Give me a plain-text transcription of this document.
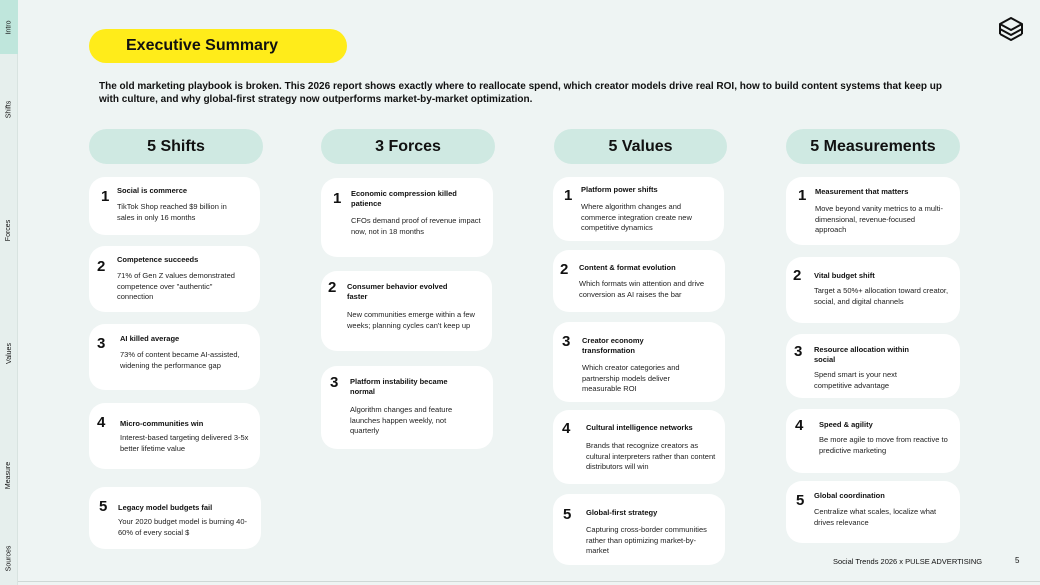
Intro
Shifts
Forces
Values
Measure
Sources
Executive Summary

The old marketing playbook is broken. This 2026 report shows exactly where to reallocate spend, which creator models drive real ROI, how to build content systems that keep up with culture, and why global-first strategy now outperforms market-by-market optimization.

5 Shifts	3 Forces	5 Values	5 Measurements
1 Social is commerce
TikTok Shop reached $9 billion in sales in only 16 months
2 Competence succeeds
71% of Gen Z values demonstrated competence over "authentic" connection
3 AI killed average
73% of content became AI-assisted, widening the performance gap
4 Micro-communities win
Interest-based targeting delivered 3-5x better lifetime value
5 Legacy model budgets fail
Your 2020 budget model is burning 40-60% of every social $
1 Economic compression killed patience
CFOs demand proof of revenue impact now, not in 18 months
2 Consumer behavior evolved faster
New communities emerge within a few weeks; planning cycles can't keep up
3 Platform instability became normal
Algorithm changes and feature launches happen weekly, not quarterly
1 Platform power shifts
Where algorithm changes and commerce integration create new competitive dynamics
2 Content & format evolution
Which formats win attention and drive conversion as AI raises the bar
3 Creator economy transformation
Which creator categories and partnership models deliver measurable ROI
4 Cultural intelligence networks
Brands that recognize creators as cultural interpreters rather than content distributors will win
5 Global-first strategy
Capturing cross-border communities rather than optimizing market-by-market
1 Measurement that matters
Move beyond vanity metrics to a multi-dimensional, revenue-focused approach
2 Vital budget shift
Target a 50%+ allocation toward creator, social, and digital channels
3 Resource allocation within social
Spend smart is your next competitive advantage
4 Speed & agility
Be more agile to move from reactive to predictive marketing
5 Global coordination
Centralize what scales, localize what drives relevance
Social Trends 2026 x PULSE ADVERTISING	5
